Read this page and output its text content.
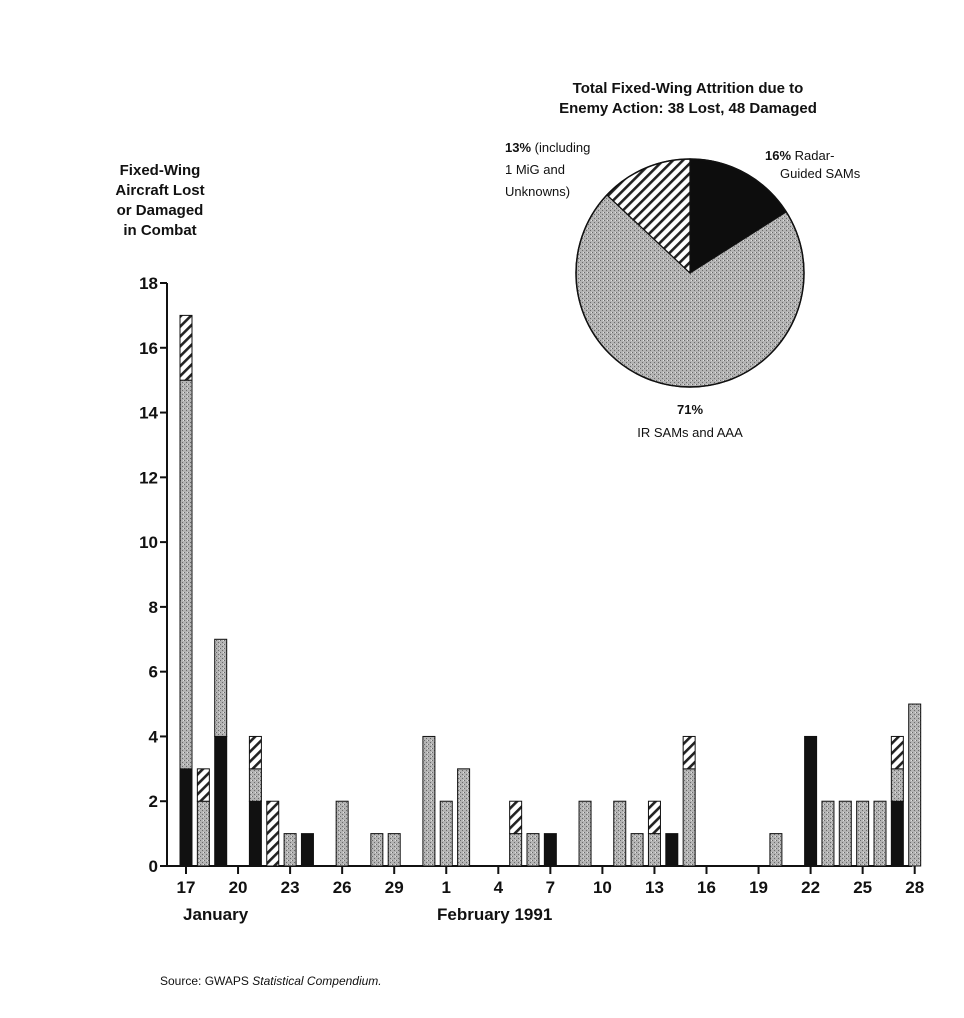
Fixed-Wing
Aircraft Lost
or Damaged
in Combat
0
2
4
6
8
10
12
14
16
18
17 20 23 26 29 1	4	7 10 13 16 19 22 25 28
January	February 1991
Total Fixed-Wing Attrition due to
Enemy Action: 38 Lost, 48 Damaged
16% Radar-
Guided SAMs
13% (including
1 MiG and
Unknowns)
71%
IR SAMs and AAA
Source: GWAPS Statistical Compendium.
